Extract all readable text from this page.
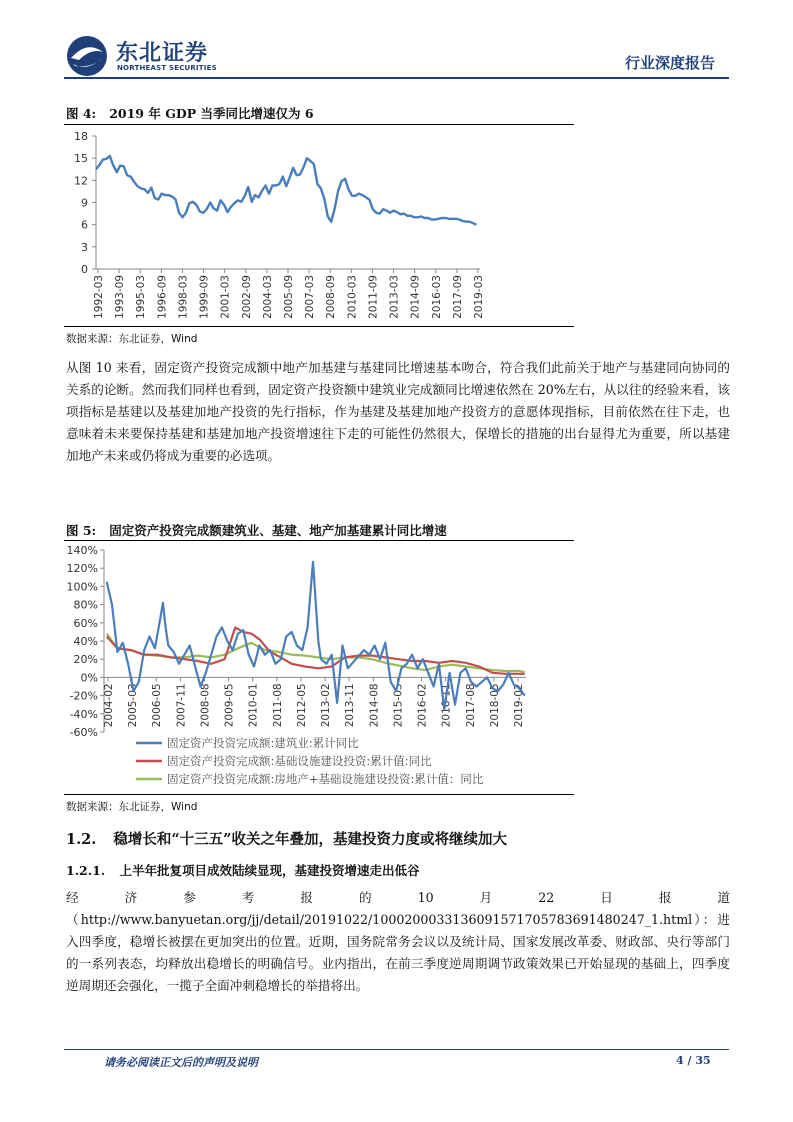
东北证券
NORTHEAST SECURITIES	行业深度报告
图 4:   2019 年 GDP 当季同比增速仅为 6
0
3
6
9
12
15
18
1992-03 1993-09 1995-03 1996-09 1998-03 1999-09 2001-03 2002-09 2004-03 2005-09 2007-03 2008-09 2010-03 2011-09 2013-03 2014-09 2016-03 2017-09 2019-03
数据来源：东北证券，Wind
从图 10 来看，固定资产投资完成额中地产加基建与基建同比增速基本吻合，符合我们此前关于地产与基建同向协同的关系的论断。然而我们同样也看到，固定资产投资额中建筑业完成额同比增速依然在 20%左右，从以往的经验来看，该项指标是基建以及基建加地产投资的先行指标，作为基建及基建加地产投资方的意愿体现指标，目前依然在往下走，也意味着未来要保持基建和基建加地产投资增速往下走的可能性仍然很大，保增长的措施的出台显得尤为重要，所以基建加地产未来或仍将成为重要的必选项。
图 5:   固定资产投资完成额建筑业、基建、地产加基建累计同比增速
-60%
-40%
-20%
0%
20%
40%
60%
80%
100%
120%
140%
2004-02 2005-03 2006-05 2007-11 2008-08 2009-05 2010-01 2011-08 2012-05 2013-02 2013-11 2014-08 2015-05 2016-02 2016-11 2017-08 2018-05 2019-02
固定资产投资完成额:建筑业:累计同比
固定资产投资完成额:基础设施建设投资:累计值:同比
固定资产投资完成额:房地产+基础设施建设投资:累计值：同比
数据来源：东北证券，Wind
1.2. 稳增长和“十三五”收关之年叠加，基建投资力度或将继续加大
1.2.1. 上半年批复项目成效陆续显现，基建投资增速走出低谷
经	济	参	考	报	的	10	月	22	日	报	道
（http://www.banyuetan.org/jj/detail/20191022/1000200033136091571705783691480247_1.html）：进入四季度，稳增长被摆在更加突出的位置。近期，国务院常务会议以及统计局、国家发展改革委、财政部、央行等部门的一系列表态，均释放出稳增长的明确信号。业内指出，在前三季度逆周期调节政策效果已开始显现的基础上，四季度逆周期还会强化，一揽子全面冲刺稳增长的举措将出。
请务必阅读正文后的声明及说明	4 / 35
